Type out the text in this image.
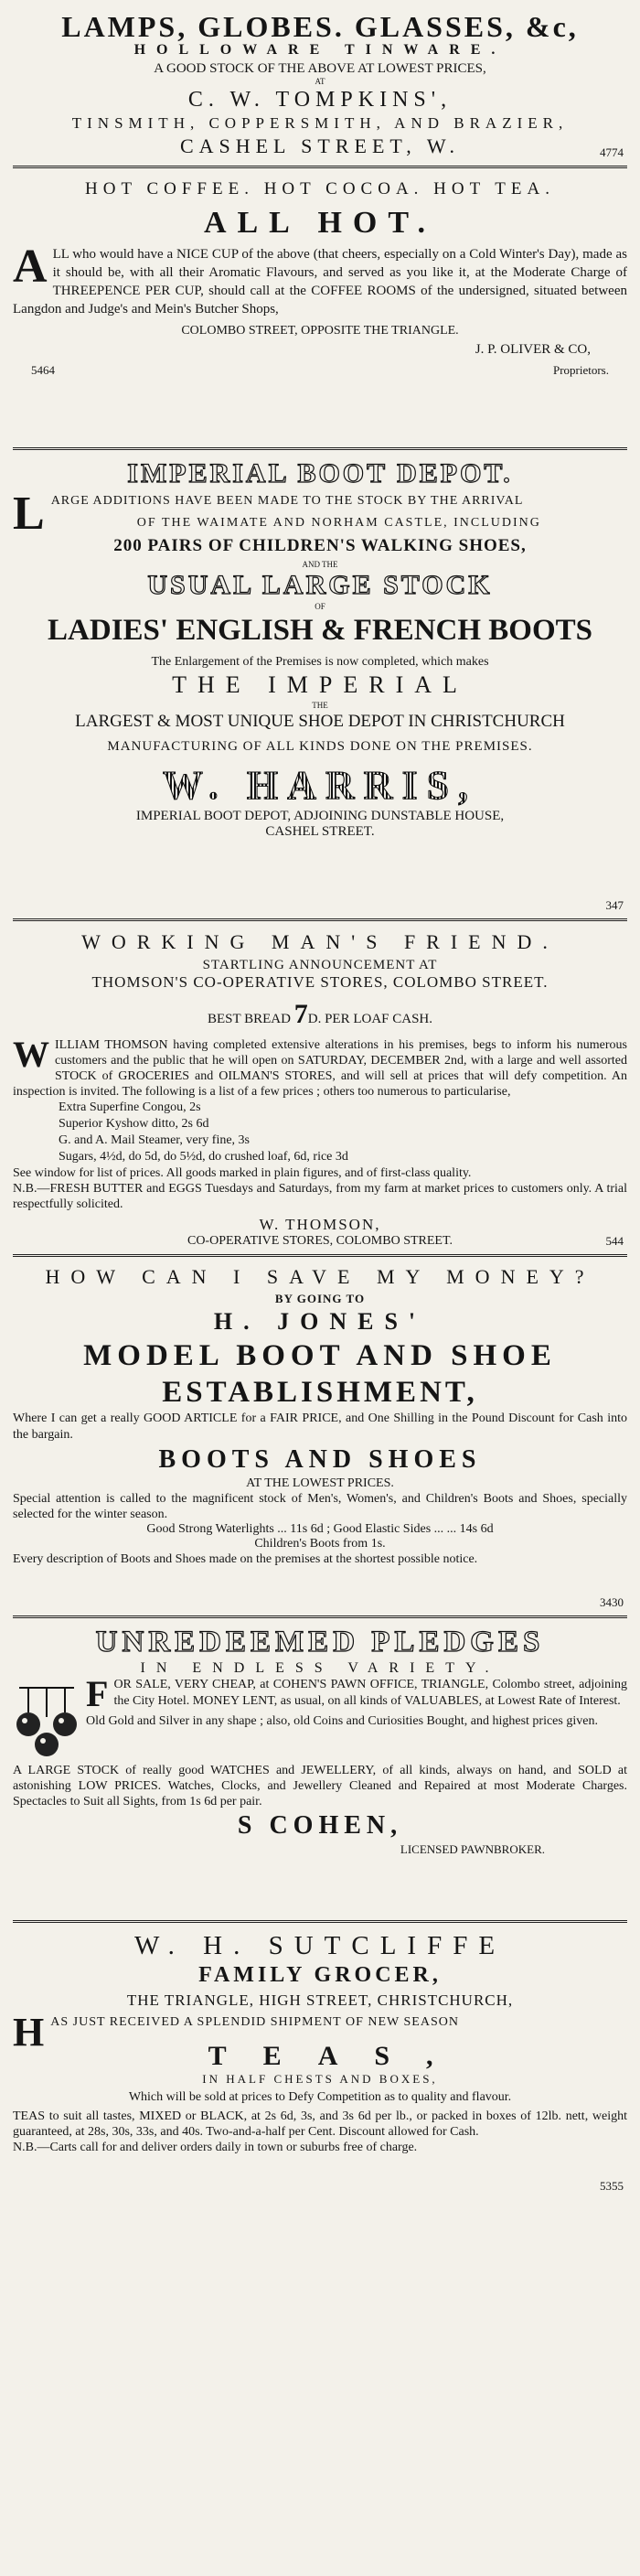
LAMPS, GLOBES. GLASSES, &c,
HOLLOWARE TINWARE.
A GOOD STOCK OF THE ABOVE AT LOWEST PRICES,
AT
C. W. TOMPKINS',
TINSMITH, COPPERSMITH, AND BRAZIER,
CASHEL STREET, W.	4774
HOT COFFEE. HOT COCOA. HOT TEA.
ALL HOT.
ALL who would have a NICE CUP of the above (that cheers, especially on a Cold Winter's Day), made as it should be, with all their Aromatic Flavours, and served as you like it, at the Moderate Charge of THREEPENCE PER CUP, should call at the COFFEE ROOMS of the undersigned, situated between Langdon and Judge's and Mein's Butcher Shops,
COLOMBO STREET, OPPOSITE THE TRIANGLE.
J. P. OLIVER & CO,
5464	Proprietors.
IMPERIAL BOOT DEPOT.
LARGE ADDITIONS HAVE BEEN MADE TO THE STOCK BY THE ARRIVAL
OF THE WAIMATE AND NORHAM CASTLE, INCLUDING
200 PAIRS OF CHILDREN'S WALKING SHOES,
AND THE
USUAL LARGE STOCK
OF
LADIES' ENGLISH & FRENCH BOOTS
The Enlargement of the Premises is now completed, which makes
THE IMPERIAL
THE
LARGEST & MOST UNIQUE SHOE DEPOT IN CHRISTCHURCH
MANUFACTURING OF ALL KINDS DONE ON THE PREMISES.
W. HARRIS,
IMPERIAL BOOT DEPOT, ADJOINING DUNSTABLE HOUSE,
CASHEL STREET.
347
WORKING MAN'S FRIEND.
STARTLING ANNOUNCEMENT AT
THOMSON'S CO-OPERATIVE STORES, COLOMBO STREET.
BEST BREAD 7D. PER LOAF CASH.
WILLIAM THOMSON having completed extensive alterations in his premises, begs to inform his numerous customers and the public that he will open on SATURDAY, DECEMBER 2nd, with a large and well assorted STOCK of GROCERIES and OILMAN'S STORES, and will sell at prices that will defy competition. An inspection is invited. The following is a list of a few prices ; others too numerous to particularise,
Extra Superfine Congou, 2s
Superior Kyshow ditto, 2s 6d
G. and A. Mail Steamer, very fine, 3s
Sugars, 4½d, do 5d, do 5½d, do crushed loaf, 6d, rice 3d
See window for list of prices. All goods marked in plain figures, and of first-class quality.
N.B.—FRESH BUTTER and EGGS Tuesdays and Saturdays, from my farm at market prices to customers only. A trial respectfully solicited.
W. THOMSON,
CO-OPERATIVE STORES, COLOMBO STREET.	544
HOW CAN I SAVE MY MONEY?
BY GOING TO
H. JONES'
MODEL BOOT AND SHOE
ESTABLISHMENT,
Where I can get a really GOOD ARTICLE for a FAIR PRICE, and One Shilling in the Pound Discount for Cash into the bargain.
BOOTS AND SHOES
AT THE LOWEST PRICES.
Special attention is called to the magnificent stock of Men's, Women's, and Children's Boots and Shoes, specially selected for the winter season.
Good Strong Waterlights ... 11s 6d ; Good Elastic Sides ... ... 14s 6d
Children's Boots from 1s.
Every description of Boots and Shoes made on the premises at the shortest possible notice.
3430
UNREDEEMED PLEDGES
IN ENDLESS VARIETY.
FOR SALE, VERY CHEAP, at COHEN'S PAWN OFFICE, TRIANGLE, Colombo street, adjoining the City Hotel. MONEY LENT, as usual, on all kinds of VALUABLES, at Lowest Rate of Interest.
Old Gold and Silver in any shape ; also, old Coins and Curiosities Bought, and highest prices given.
A LARGE STOCK of really good WATCHES and JEWELLERY, of all kinds, always on hand, and SOLD at astonishing LOW PRICES. Watches, Clocks, and Jewellery Cleaned and Repaired at most Moderate Charges. Spectacles to Suit all Sights, from 1s 6d per pair.
S COHEN,
LICENSED PAWNBROKER.
W. H. SUTCLIFFE
FAMILY GROCER,
THE TRIANGLE, HIGH STREET, CHRISTCHURCH,
HAS JUST RECEIVED A SPLENDID SHIPMENT OF NEW SEASON
TEAS,
IN HALF CHESTS AND BOXES,
Which will be sold at prices to Defy Competition as to quality and flavour.
TEAS to suit all tastes, MIXED or BLACK, at 2s 6d, 3s, and 3s 6d per lb., or packed in boxes of 12lb. nett, weight guaranteed, at 28s, 30s, 33s, and 40s. Two-and-a-half per Cent. Discount allowed for Cash.
N.B.—Carts call for and deliver orders daily in town or suburbs free of charge.
5355
